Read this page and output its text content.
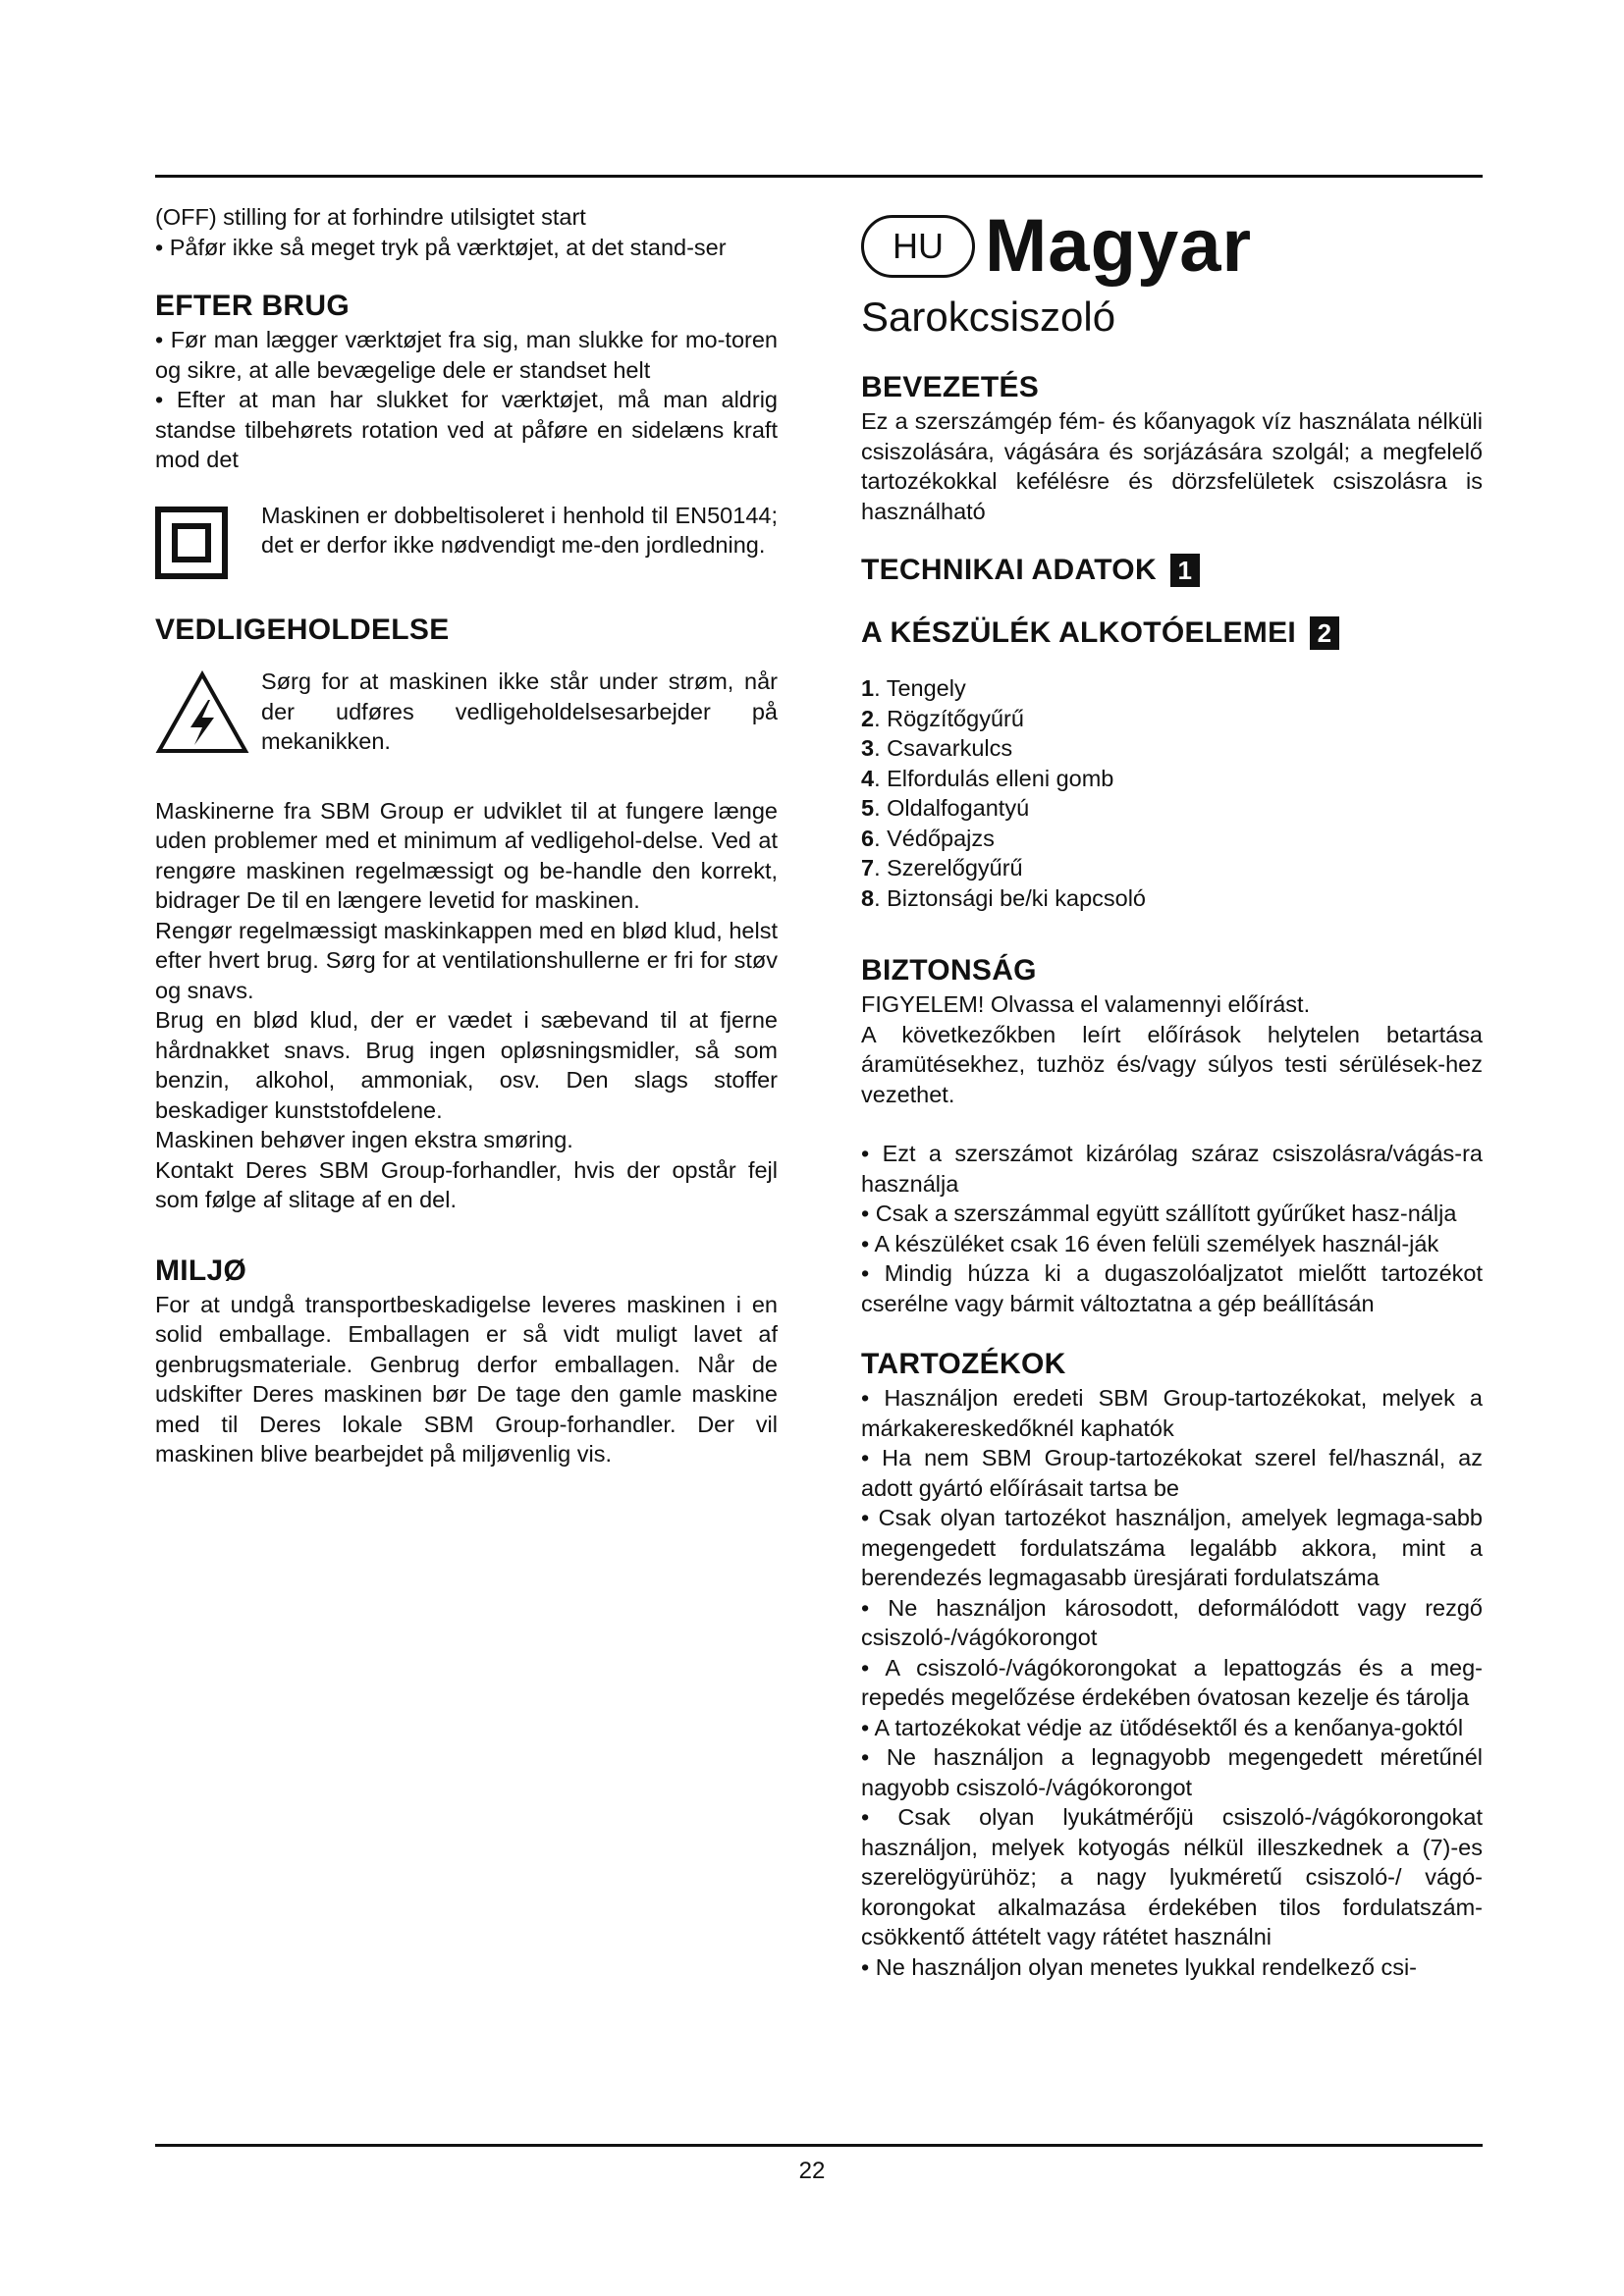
(OFF) stilling for at forhindre utilsigtet start

• Påfør ikke så meget tryk på værktøjet, at det stand-ser

EFTER BRUG

• Før man lægger værktøjet fra sig, man slukke for mo-toren og sikre, at alle bevægelige dele er standset helt

• Efter at man har slukket for værktøjet, må man aldrig standse tilbehørets rotation ved at påføre en sidelæns kraft mod det

Maskinen er dobbeltisoleret i henhold til EN50144; det er derfor ikke nødvendigt me-den jordledning.

VEDLIGEHOLDELSE

Sørg for at maskinen ikke står under strøm, når der udføres vedligeholdelsesarbejder på mekanikken.

Maskinerne fra SBM Group er udviklet til at fungere længe uden problemer med et minimum af vedligehol-delse. Ved at rengøre maskinen regelmæssigt og be-handle den korrekt, bidrager De til en længere levetid for maskinen.

Rengør regelmæssigt maskinkappen med en blød klud, helst efter hvert brug. Sørg for at ventilationshullerne er fri for støv og snavs.

Brug en blød klud, der er vædet i sæbevand til at fjerne hårdnakket snavs. Brug ingen opløsningsmidler, så som benzin, alkohol, ammoniak, osv. Den slags stoffer beskadiger kunststofdelene.

Maskinen behøver ingen ekstra smøring.

Kontakt Deres SBM Group-forhandler, hvis der opstår fejl som følge af slitage af en del.

MILJØ

For at undgå transportbeskadigelse leveres maskinen i en solid emballage. Emballagen er så vidt muligt lavet af genbrugsmateriale. Genbrug derfor emballagen. Når de udskifter Deres maskinen bør De tage den gamle maskine med til Deres lokale SBM Group-forhandler. Der vil maskinen blive bearbejdet på miljøvenlig vis.

HU Magyar
Sarokcsiszoló
BEVEZETÉS

Ez a szerszámgép fém- és kőanyagok víz használata nélküli csiszolására, vágására és sorjázására szolgál; a megfelelő tartozékokkal kefélésre és dörzsfelületek csiszolásra is használható

TECHNIKAI ADATOK 1
A KÉSZÜLÉK ALKOTÓELEMEI 2
1. Tengely
2. Rögzítőgyűrű
3. Csavarkulcs
4. Elfordulás elleni gomb
5. Oldalfogantyú
6. Védőpajzs
7. Szerelőgyűrű
8. Biztonsági be/ki kapcsoló
BIZTONSÁG

FIGYELEM! Olvassa el valamennyi előírást.

A következőkben leírt előírások helytelen betartása áramütésekhez, tuzhöz és/vagy súlyos testi sérülések-hez vezethet.

• Ezt a szerszámot kizárólag száraz csiszolásra/vágás-ra használja

• Csak a szerszámmal együtt szállított gyűrűket hasz-nálja

• A készüléket csak 16 éven felüli személyek használ-ják

• Mindig húzza ki a dugaszolóaljzatot mielőtt tartozékot cserélne vagy bármit változtatna a gép beállításán

TARTOZÉKOK

• Használjon eredeti SBM Group-tartozékokat, melyek a márkakereskedőknél kaphatók

• Ha nem SBM Group-tartozékokat szerel fel/használ, az adott gyártó előírásait tartsa be

• Csak olyan tartozékot használjon, amelyek legmaga-sabb megengedett fordulatszáma legalább akkora, mint a berendezés legmagasabb üresjárati fordulatszáma

• Ne használjon károsodott, deformálódott vagy rezgő csiszoló-/vágókorongot

• A csiszoló-/vágókorongokat a lepattogzás és a meg-repedés megelőzése érdekében óvatosan kezelje és tárolja

• A tartozékokat védje az ütődésektől és a kenőanya-goktól

• Ne használjon a legnagyobb megengedett méretűnél nagyobb csiszoló-/vágókorongot

• Csak olyan lyukátmérőjü csiszoló-/vágókorongokat használjon, melyek kotyogás nélkül illeszkednek a (7)-es szerelögyürühöz; a nagy lyukméretű csiszoló-/ vágó-korongokat alkalmazása érdekében tilos fordulatszám-csökkentő áttételt vagy rátétet használni

• Ne használjon olyan menetes lyukkal rendelkező csi-

22
